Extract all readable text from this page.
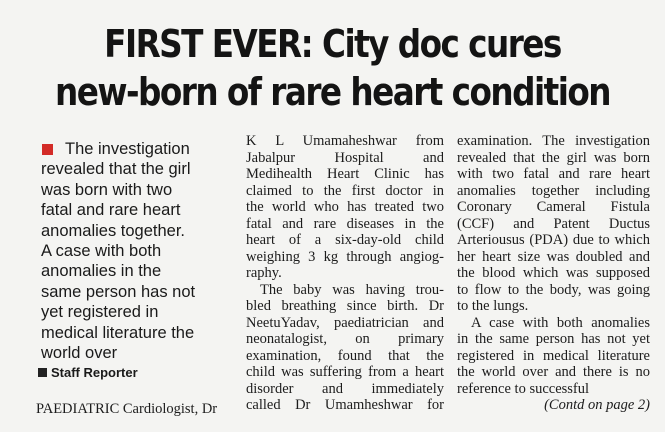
FIRST EVER: City doc cures
new-born of rare heart condition
The investigation
revealed that the girl
was born with two
fatal and rare heart
anomalies together.
A case with both
anomalies in the
same person has not
yet registered in
medical literature the
world over
Staff Reporter
PAEDIATRIC Cardiologist, Dr
K L Umamaheshwar from
Jabalpur Hospital and
Medihealth Heart Clinic has
claimed to the first doctor in
the world who has treated two
fatal and rare diseases in the
heart of a six-day-old child
weighing 3 kg through angiog-
raphy.
The baby was having trou-
bled breathing since birth. Dr
NeetuYadav, paediatrician and
neonatalogist, on primary
examination, found that the
child was suffering from a heart
disorder and immediately
called Dr Umamheshwar for
examination. The investigation
revealed that the girl was born
with two fatal and rare heart
anomalies together including
Coronary Cameral Fistula
(CCF) and Patent Ductus
Arteriousus (PDA) due to which
her heart size was doubled and
the blood which was supposed
to flow to the body, was going
to the lungs.
A case with both anomalies
in the same person has not yet
registered in medical literature
the world over and there is no
reference to successful
(Contd on page 2)
